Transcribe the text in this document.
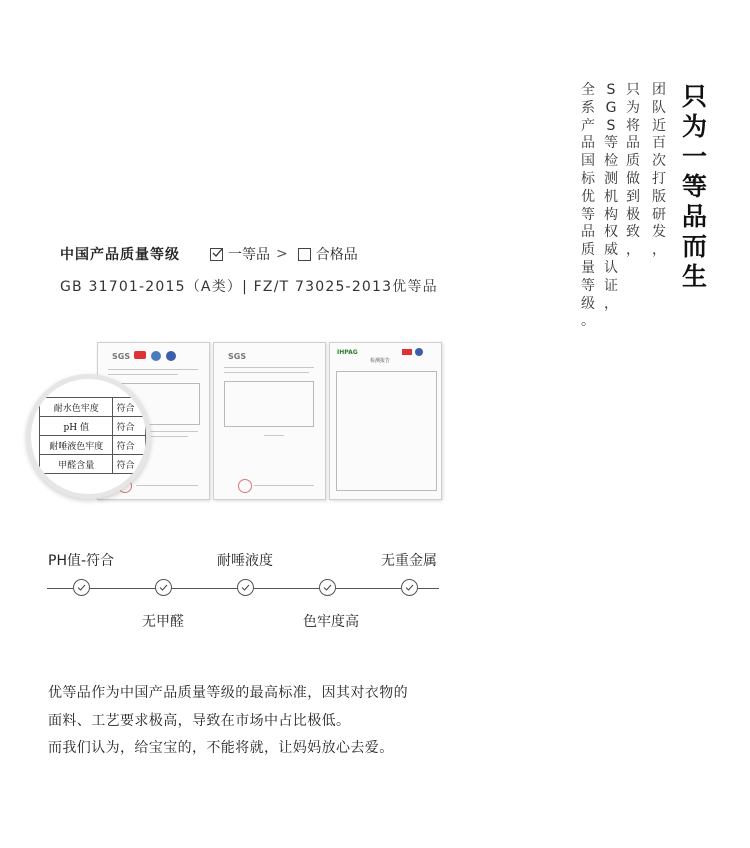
只
为
一
等
品
而
生
团
队
近
百
次
打
版
研
发
，
只
为
将
品
质
做
到
极
致
，
S
G
S
等
检
测
机
构
权
威
认
证
，
全
系
产
品
国
标
优
等
品
质
量
等
级
。
中国产品质量等级	一等品 > 合格品
GB 31701-2015（A类）| FZ/T 73025-2013优等品
SGS	SGS	IHPAG
检测报告
耐水色牢度	符合
pH 值	符合
耐唾液色牢度	符合
甲醛含量	符合
PH值-符合	耐唾液度	无重金属
无甲醛	色牢度高
优等品作为中国产品质量等级的最高标准，因其对衣物的
面料、工艺要求极高，导致在市场中占比极低。
而我们认为，给宝宝的，不能将就，让妈妈放心去爱。
